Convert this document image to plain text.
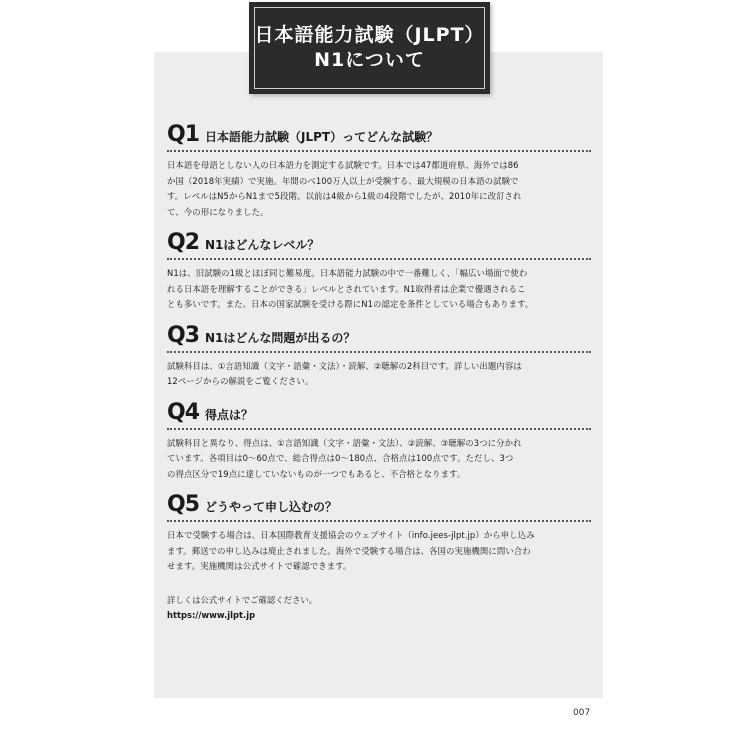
日本語能力試験（JLPT）
N1について
Q1 日本語能力試験（JLPT）ってどんな試験？
日本語を母語としない人の日本語力を測定する試験です。日本では47都道府県、海外では86
か国（2018年実績）で実施。年間のべ100万人以上が受験する、最大規模の日本語の試験で
す。レベルはN5からN1まで5段階。以前は4級から1級の4段階でしたが、2010年に改訂され
て、今の形になりました。
Q2 N1はどんなレベル？
N1は、旧試験の1級とほぼ同じ難易度。日本語能力試験の中で一番難しく、「幅広い場面で使わ
れる日本語を理解することができる」レベルとされています。N1取得者は企業で優遇されるこ
とも多いです。また、日本の国家試験を受ける際にN1の認定を条件としている場合もあります。
Q3 N1はどんな問題が出るの？
試験科目は、①言語知識（文字・語彙・文法）・読解、②聴解の2科目です。詳しい出題内容は
12ページからの解説をご覧ください。
Q4 得点は？
試験科目と異なり、得点は、①言語知識（文字・語彙・文法）、②読解、③聴解の3つに分かれ
ています。各項目は0～60点で、総合得点は0～180点、合格点は100点です。ただし、3つ
の得点区分で19点に達していないものが一つでもあると、不合格となります。
Q5 どうやって申し込むの？
日本で受験する場合は、日本国際教育支援協会のウェブサイト（info.jees-jlpt.jp）から申し込み
ます。郵送での申し込みは廃止されました。海外で受験する場合は、各国の実施機関に問い合わ
せます。実施機関は公式サイトで確認できます。
詳しくは公式サイトでご確認ください。
https://www.jlpt.jp
007
